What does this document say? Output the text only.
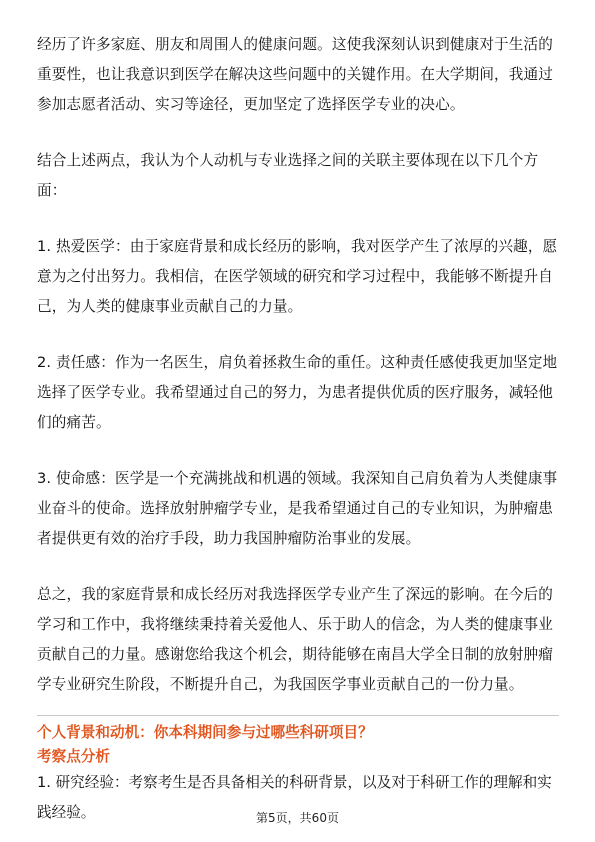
经历了许多家庭、朋友和周围人的健康问题。这使我深刻认识到健康对于生活的重要性，也让我意识到医学在解决这些问题中的关键作用。在大学期间，我通过参加志愿者活动、实习等途径，更加坚定了选择医学专业的决心。

结合上述两点，我认为个人动机与专业选择之间的关联主要体现在以下几个方面：

1. 热爱医学：由于家庭背景和成长经历的影响，我对医学产生了浓厚的兴趣，愿意为之付出努力。我相信，在医学领域的研究和学习过程中，我能够不断提升自己，为人类的健康事业贡献自己的力量。

2. 责任感：作为一名医生，肩负着拯救生命的重任。这种责任感使我更加坚定地选择了医学专业。我希望通过自己的努力，为患者提供优质的医疗服务，减轻他们的痛苦。

3. 使命感：医学是一个充满挑战和机遇的领域。我深知自己肩负着为人类健康事业奋斗的使命。选择放射肿瘤学专业，是我希望通过自己的专业知识，为肿瘤患者提供更有效的治疗手段，助力我国肿瘤防治事业的发展。

总之，我的家庭背景和成长经历对我选择医学专业产生了深远的影响。在今后的学习和工作中，我将继续秉持着关爱他人、乐于助人的信念，为人类的健康事业贡献自己的力量。感谢您给我这个机会，期待能够在南昌大学全日制的放射肿瘤学专业研究生阶段，不断提升自己，为我国医学事业贡献自己的一份力量。

个人背景和动机：你本科期间参与过哪些科研项目？

考察点分析

1. 研究经验：考察考生是否具备相关的科研背景，以及对于科研工作的理解和实践经验。	第5页，共60页
